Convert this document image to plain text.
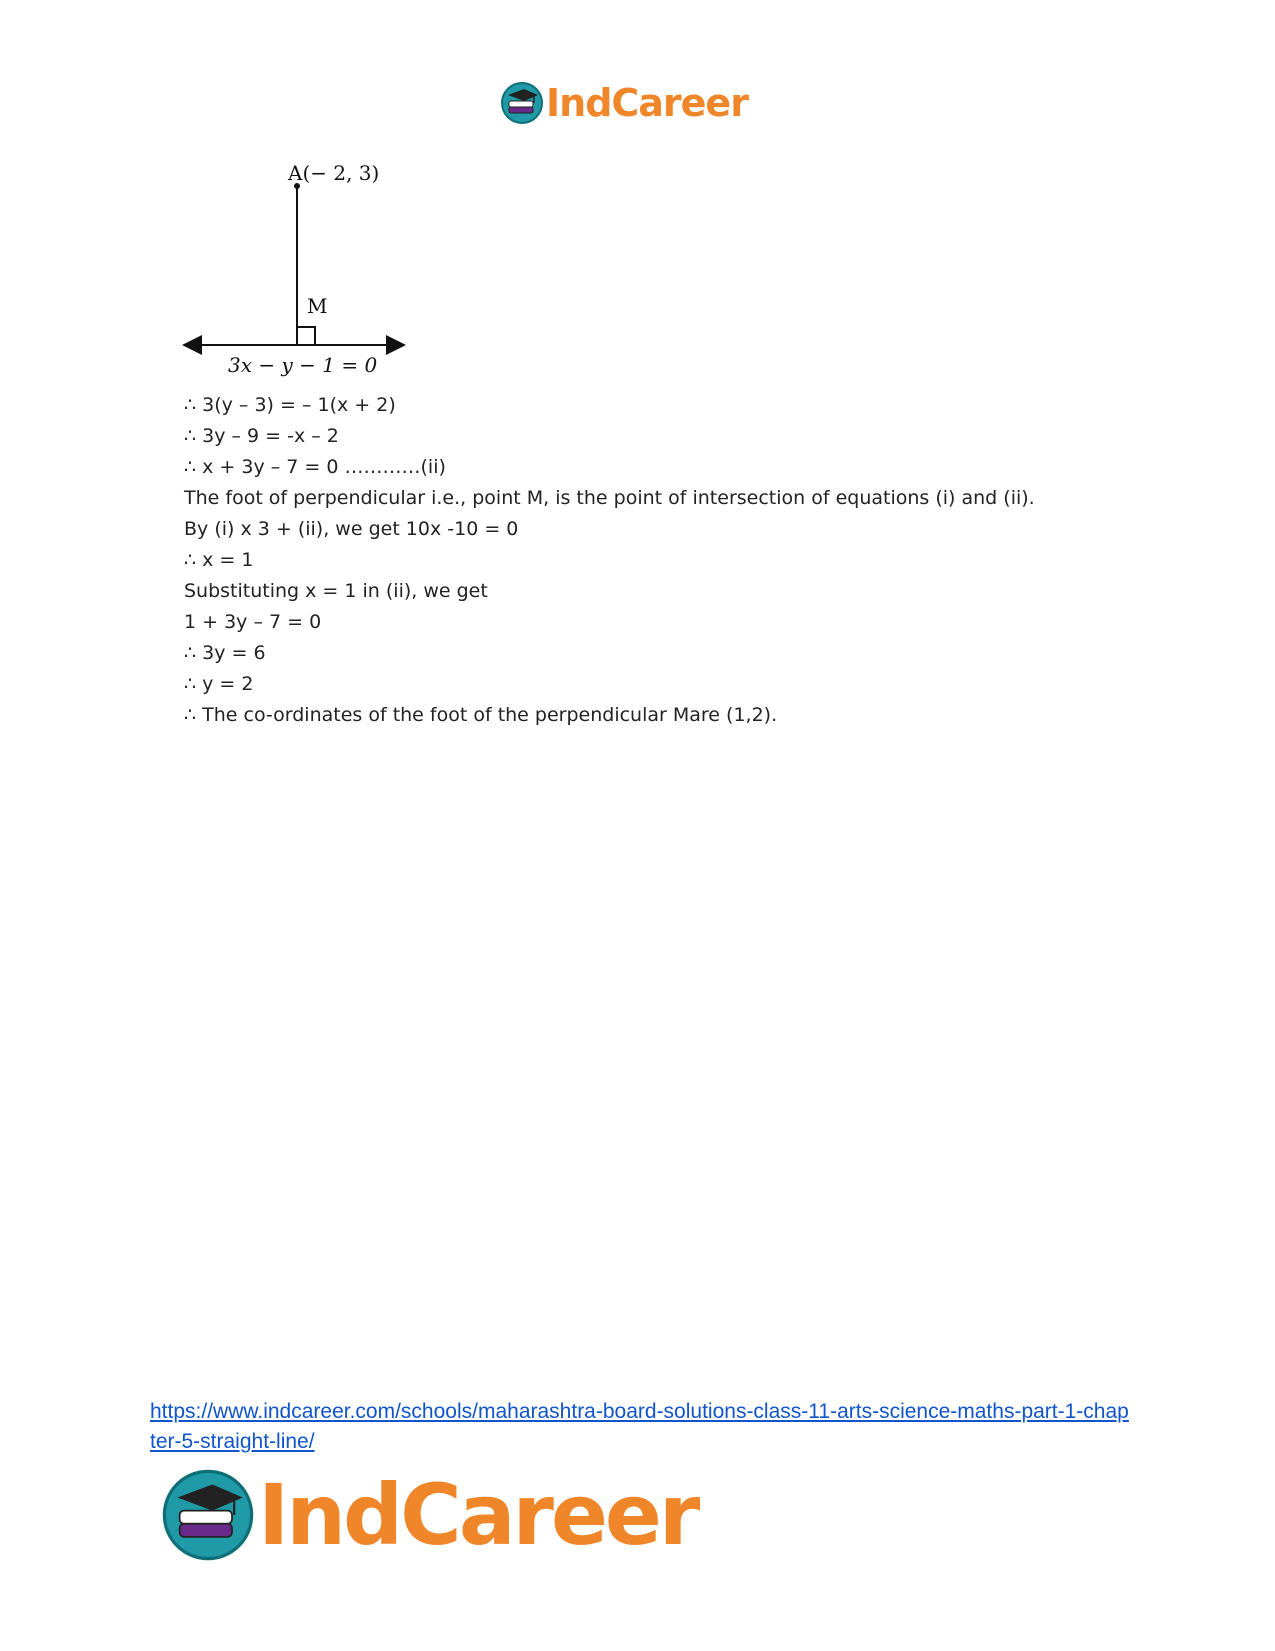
IndCareer
A(− 2, 3)
M
3x − y − 1 = 0
∴ 3(y – 3) = – 1(x + 2)
∴ 3y – 9 = -x – 2
∴ x + 3y – 7 = 0 …………(ii)
The foot of perpendicular i.e., point M, is the point of intersection of equations (i) and (ii).
By (i) x 3 + (ii), we get 10x -10 = 0
∴ x = 1
Substituting x = 1 in (ii), we get
1 + 3y – 7 = 0
∴ 3y = 6
∴ y = 2
∴ The co-ordinates of the foot of the perpendicular Mare (1,2).
https://www.indcareer.com/schools/maharashtra-board-solutions-class-11-arts-science-maths-part-1-chapter-5-straight-line/
IndCareer
